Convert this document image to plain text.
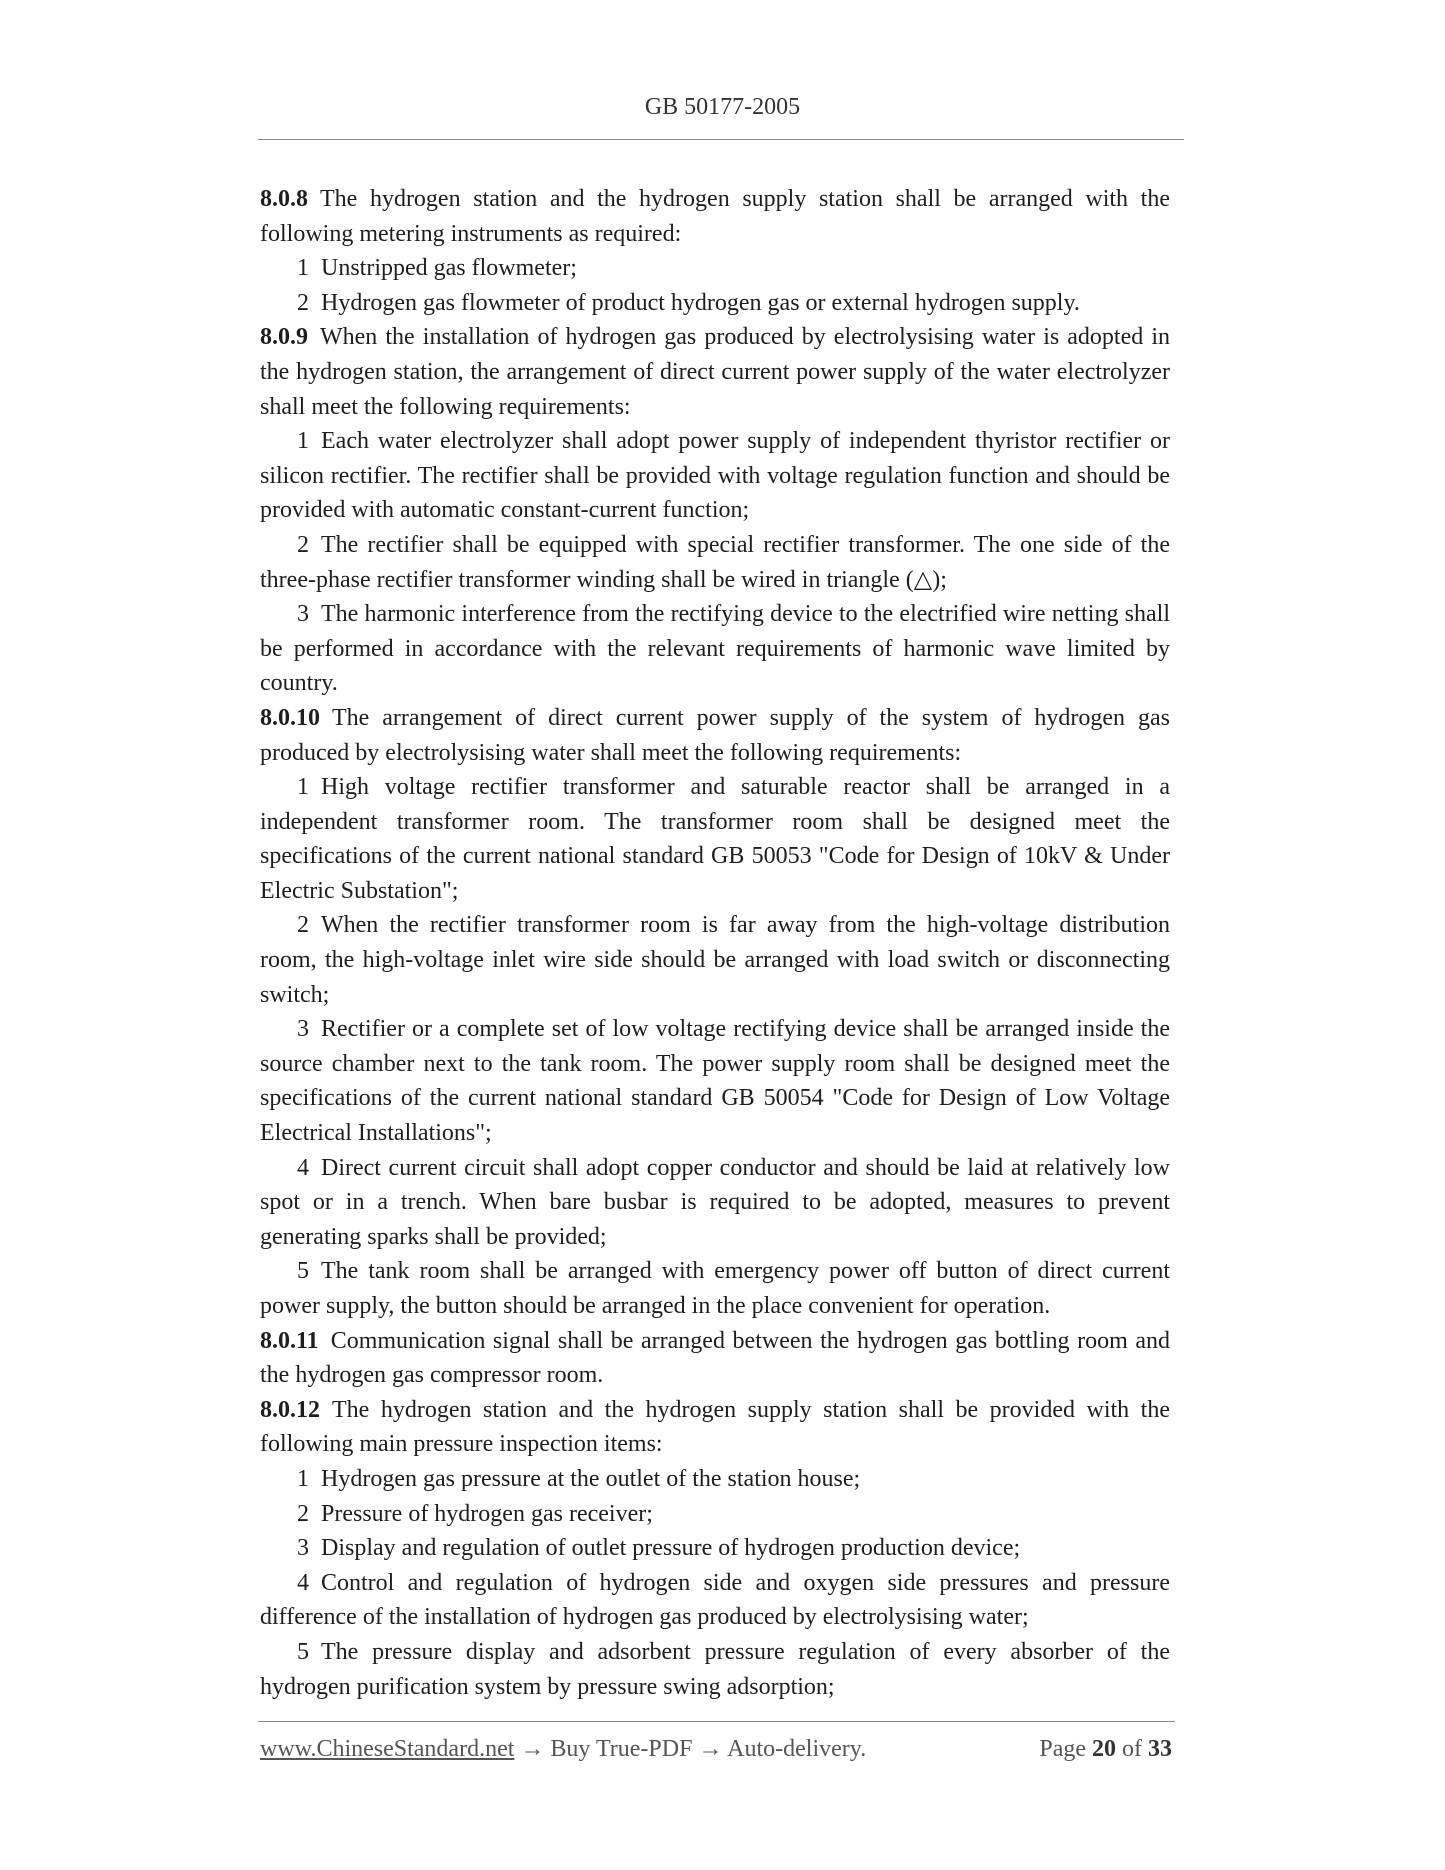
GB 50177-2005

8.0.8 The hydrogen station and the hydrogen supply station shall be arranged with the following metering instruments as required:

1 Unstripped gas flowmeter;

2 Hydrogen gas flowmeter of product hydrogen gas or external hydrogen supply.

8.0.9 When the installation of hydrogen gas produced by electrolysising water is adopted in the hydrogen station, the arrangement of direct current power supply of the water electrolyzer shall meet the following requirements:

1 Each water electrolyzer shall adopt power supply of independent thyristor rectifier or silicon rectifier. The rectifier shall be provided with voltage regulation function and should be provided with automatic constant-current function;

2 The rectifier shall be equipped with special rectifier transformer. The one side of the three-phase rectifier transformer winding shall be wired in triangle (△);

3 The harmonic interference from the rectifying device to the electrified wire netting shall be performed in accordance with the relevant requirements of harmonic wave limited by country.

8.0.10 The arrangement of direct current power supply of the system of hydrogen gas produced by electrolysising water shall meet the following requirements:

1 High voltage rectifier transformer and saturable reactor shall be arranged in a independent transformer room. The transformer room shall be designed meet the specifications of the current national standard GB 50053 "Code for Design of 10kV & Under Electric Substation";

2 When the rectifier transformer room is far away from the high-voltage distribution room, the high-voltage inlet wire side should be arranged with load switch or disconnecting switch;

3 Rectifier or a complete set of low voltage rectifying device shall be arranged inside the source chamber next to the tank room. The power supply room shall be designed meet the specifications of the current national standard GB 50054 "Code for Design of Low Voltage Electrical Installations";

4 Direct current circuit shall adopt copper conductor and should be laid at relatively low spot or in a trench. When bare busbar is required to be adopted, measures to prevent generating sparks shall be provided;

5 The tank room shall be arranged with emergency power off button of direct current power supply, the button should be arranged in the place convenient for operation.

8.0.11 Communication signal shall be arranged between the hydrogen gas bottling room and the hydrogen gas compressor room.

8.0.12 The hydrogen station and the hydrogen supply station shall be provided with the following main pressure inspection items:

1 Hydrogen gas pressure at the outlet of the station house;

2 Pressure of hydrogen gas receiver;

3 Display and regulation of outlet pressure of hydrogen production device;

4 Control and regulation of hydrogen side and oxygen side pressures and pressure difference of the installation of hydrogen gas produced by electrolysising water;

5 The pressure display and adsorbent pressure regulation of every absorber of the hydrogen purification system by pressure swing adsorption;

www.ChineseStandard.net → Buy True-PDF → Auto-delivery.	Page 20 of 33
